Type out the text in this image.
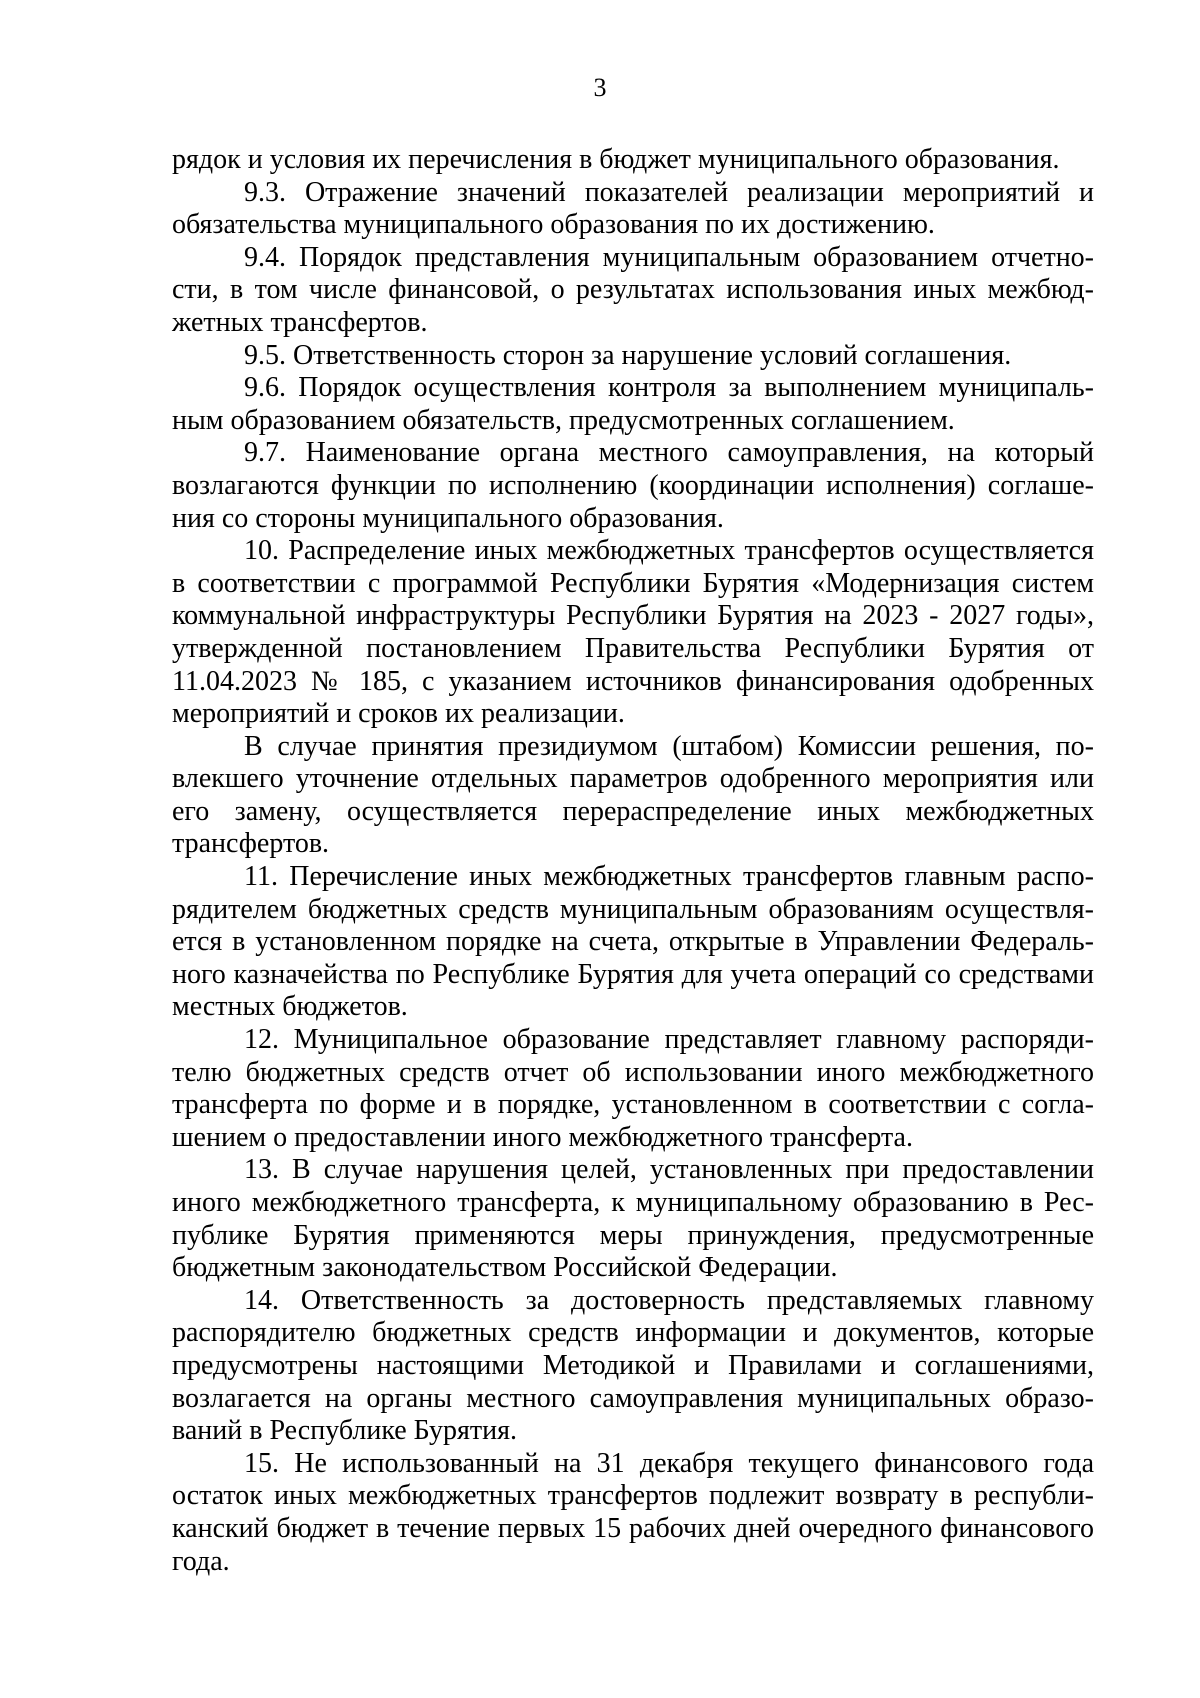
3

рядок и условия их перечисления в бюджет муниципального образования.

9.3. Отражение значений показателей реализации мероприятий и обязательства муниципального образования по их достижению.

9.4. Порядок представления муниципальным образованием отчетности, в том числе финансовой, о результатах использования иных межбюджетных трансфертов.

9.5. Ответственность сторон за нарушение условий соглашения.

9.6. Порядок осуществления контроля за выполнением муниципальным образованием обязательств, предусмотренных соглашением.

9.7. Наименование органа местного самоуправления, на который возлагаются функции по исполнению (координации исполнения) соглашения со стороны муниципального образования.

10. Распределение иных межбюджетных трансфертов осуществляется в соответствии с программой Республики Бурятия «Модернизация систем коммунальной инфраструктуры Республики Бурятия на 2023 - 2027 годы», утвержденной постановлением Правительства Республики Бурятия от 11.04.2023 № 185, с указанием источников финансирования одобренных мероприятий и сроков их реализации.

В случае принятия президиумом (штабом) Комиссии решения, повлекшего уточнение отдельных параметров одобренного мероприятия или его замену, осуществляется перераспределение иных межбюджетных трансфертов.

11. Перечисление иных межбюджетных трансфертов главным распорядителем бюджетных средств муниципальным образованиям осуществляется в установленном порядке на счета, открытые в Управлении Федерального казначейства по Республике Бурятия для учета операций со средствами местных бюджетов.

12. Муниципальное образование представляет главному распорядителю бюджетных средств отчет об использовании иного межбюджетного трансферта по форме и в порядке, установленном в соответствии с соглашением о предоставлении иного межбюджетного трансферта.

13. В случае нарушения целей, установленных при предоставлении иного межбюджетного трансферта, к муниципальному образованию в Республике Бурятия применяются меры принуждения, предусмотренные бюджетным законодательством Российской Федерации.

14. Ответственность за достоверность представляемых главному распорядителю бюджетных средств информации и документов, которые предусмотрены настоящими Методикой и Правилами и соглашениями, возлагается на органы местного самоуправления муниципальных образований в Республике Бурятия.

15. Не использованный на 31 декабря текущего финансового года остаток иных межбюджетных трансфертов подлежит возврату в республиканский бюджет в течение первых 15 рабочих дней очередного финансового года.
